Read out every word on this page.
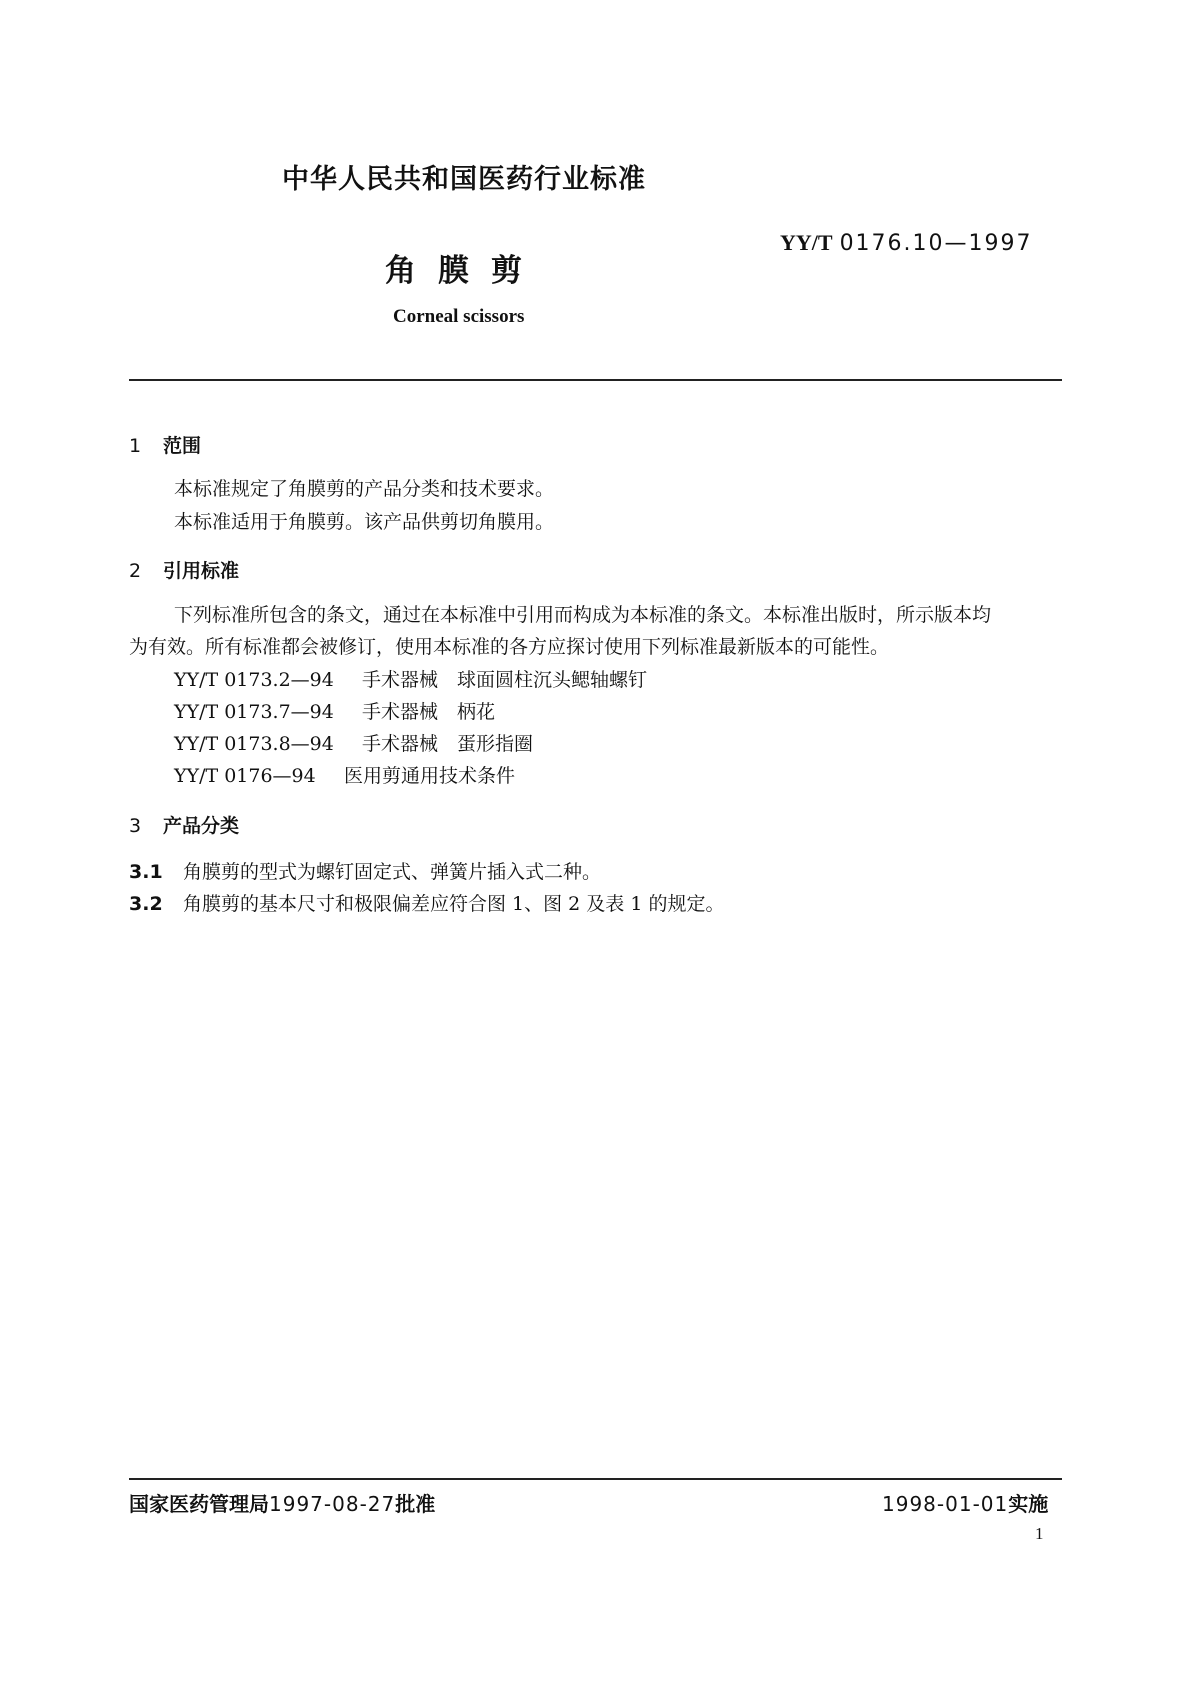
中华人民共和国医药行业标准
YY/T 0176.10—1997
角膜剪
Corneal scissors
1 范围
本标准规定了角膜剪的产品分类和技术要求。
本标准适用于角膜剪。该产品供剪切角膜用。
2 引用标准
下列标准所包含的条文，通过在本标准中引用而构成为本标准的条文。本标准出版时，所示版本均
为有效。所有标准都会被修订，使用本标准的各方应探讨使用下列标准最新版本的可能性。
YY/T 0173.2—94 手术器械　球面圆柱沉头鳃轴螺钉
YY/T 0173.7—94 手术器械　柄花
YY/T 0173.8—94 手术器械　蛋形指圈
YY/T 0176—94 医用剪通用技术条件
3 产品分类
3.1 角膜剪的型式为螺钉固定式、弹簧片插入式二种。
3.2 角膜剪的基本尺寸和极限偏差应符合图 1、图 2 及表 1 的规定。
国家医药管理局1997-08-27批准	1998-01-01实施
1
